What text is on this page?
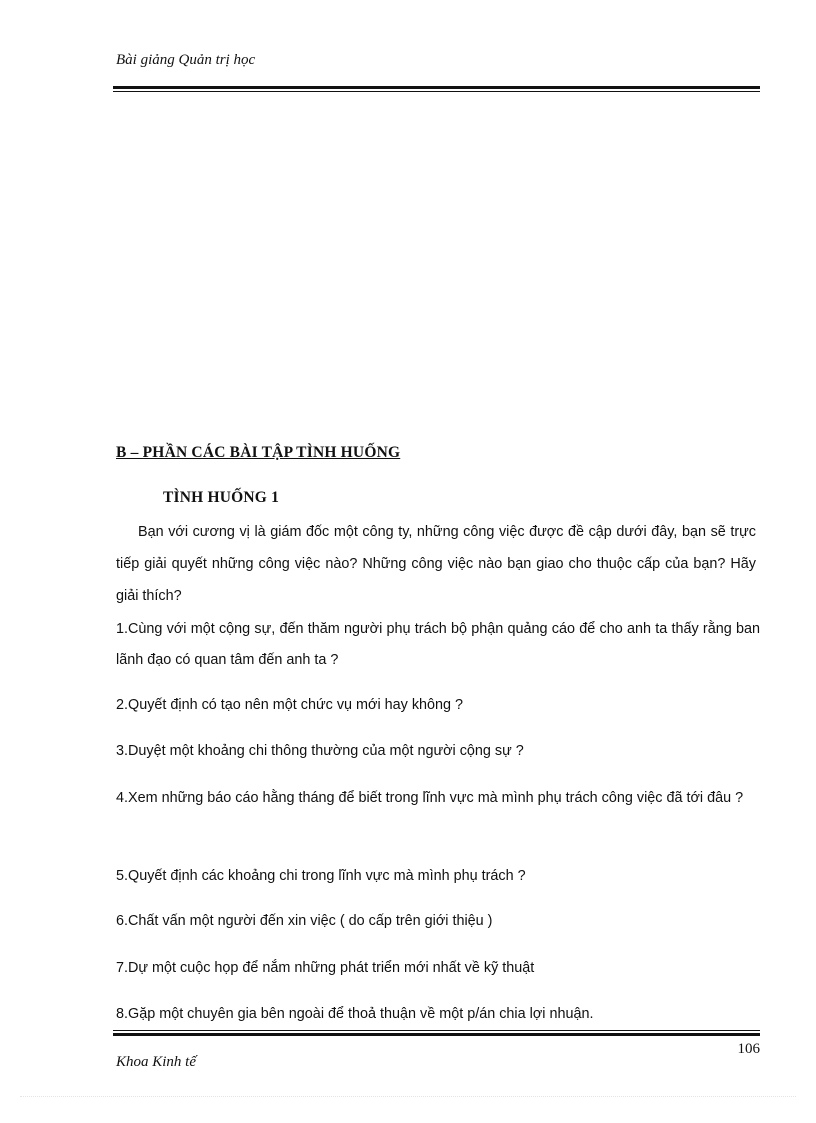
Bài giảng Quản trị học
B – PHẦN CÁC BÀI TẬP TÌNH HUỐNG
TÌNH HUỐNG 1
Bạn với cương vị là giám đốc một công ty, những công việc được đề cập dưới đây, bạn sẽ trực tiếp giải quyết những công việc nào? Những công việc nào bạn giao cho thuộc cấp của bạn? Hãy giải thích?
1.Cùng với một cộng sự, đến thăm người phụ trách bộ phận quảng cáo để cho anh ta thấy rằng ban lãnh đạo có quan tâm đến anh ta ?
2.Quyết định có tạo nên một chức vụ mới hay không ?
3.Duyệt một khoảng chi thông thường của một người cộng sự ?
4.Xem những báo cáo hằng tháng để biết trong lĩnh vực mà mình phụ trách công việc đã tới đâu ?
5.Quyết định các khoảng chi trong lĩnh vực mà mình phụ trách ?
6.Chất vấn một người đến xin việc ( do cấp trên giới thiệu )
7.Dự một cuộc họp để nắm những phát triển mới nhất về kỹ thuật
8.Gặp một chuyên gia bên ngoài để thoả thuận về một p/án chia lợi nhuận.
Khoa Kinh tế
106
